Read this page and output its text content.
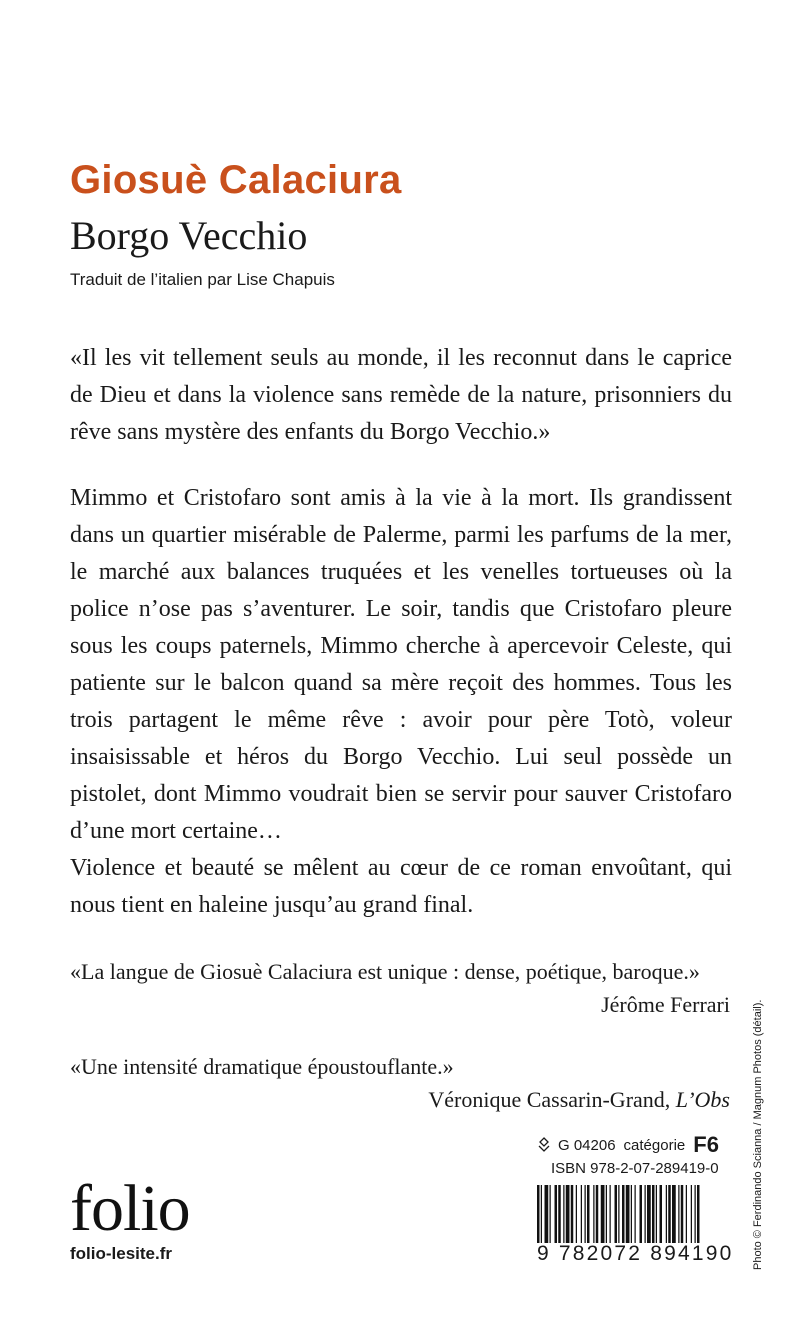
Giosuè Calaciura
Borgo Vecchio

Traduit de l’italien par Lise Chapuis

«Il les vit tellement seuls au monde, il les reconnut dans le caprice de Dieu et dans la violence sans remède de la nature, prisonniers du rêve sans mystère des enfants du Borgo Vecchio.»

Mimmo et Cristofaro sont amis à la vie à la mort. Ils grandissent dans un quartier misérable de Palerme, parmi les parfums de la mer, le marché aux balances truquées et les venelles tortueuses où la police n’ose pas s’aventurer. Le soir, tandis que Cristofaro pleure sous les coups paternels, Mimmo cherche à apercevoir Celeste, qui patiente sur le balcon quand sa mère reçoit des hommes. Tous les trois partagent le même rêve : avoir pour père Totò, voleur insaisissable et héros du Borgo Vecchio. Lui seul possède un pistolet, dont Mimmo voudrait bien se servir pour sauver Cristofaro d’une mort certaine…
Violence et beauté se mêlent au cœur de ce roman envoûtant, qui nous tient en haleine jusqu’au grand final.
«La langue de Giosuè Calaciura est unique : dense, poétique, baroque.»
Jérôme Ferrari
«Une intensité dramatique époustouflante.»
Véronique Cassarin-Grand, L’Obs
G 04206 catégorie F6
ISBN 978-2-07-289419-0
9 782072 894190
folio
folio-lesite.fr	Photo © Ferdinando Scianna / Magnum Photos (détail).
